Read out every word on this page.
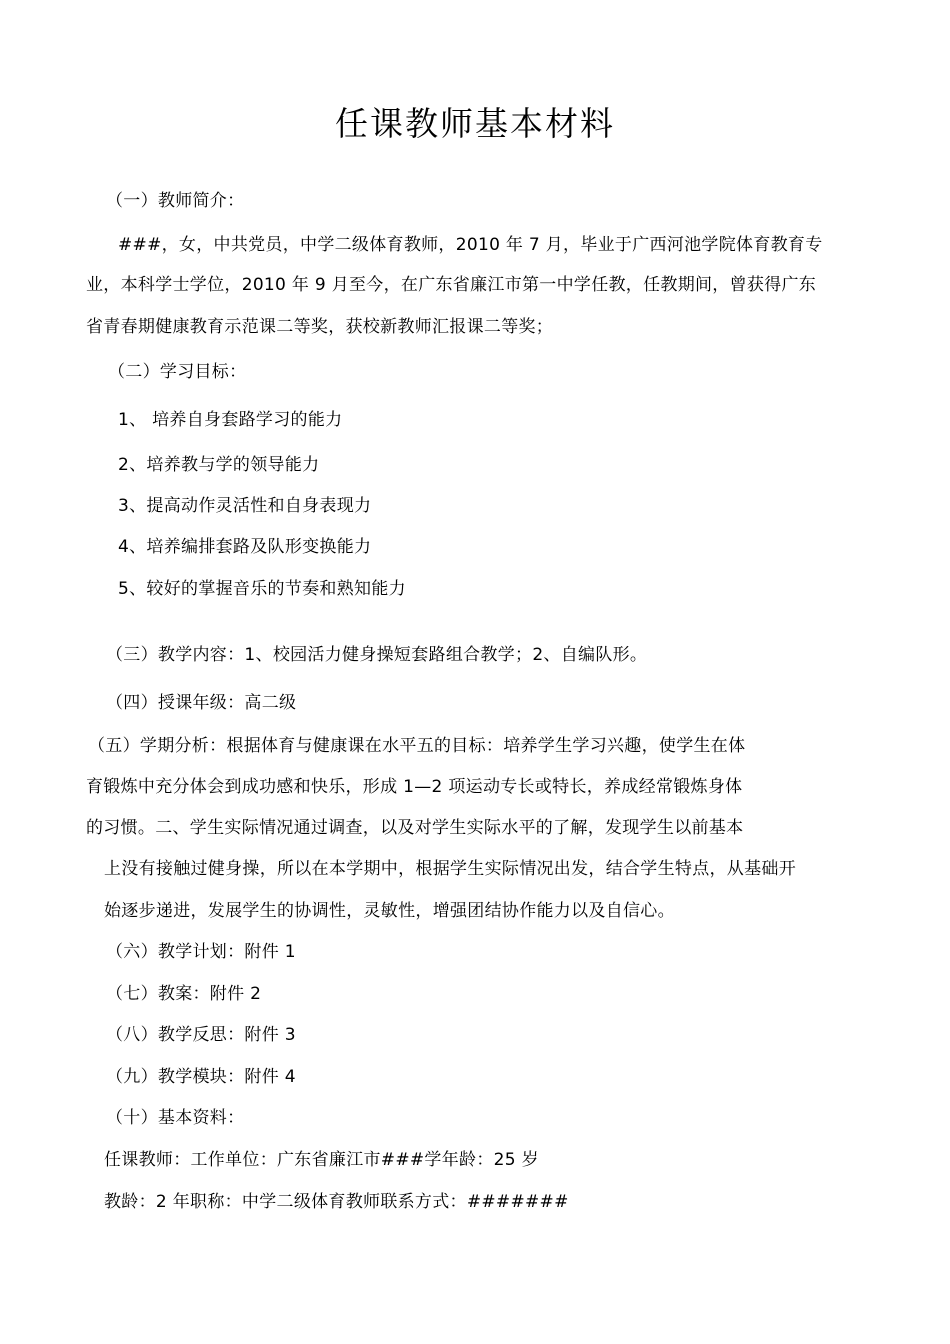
任课教师基本材料
（一）教师简介：
###，女，中共党员，中学二级体育教师，2010 年 7 月，毕业于广西河池学院体育教育专
业，本科学士学位，2010 年 9 月至今，在广东省廉江市第一中学任教，任教期间，曾获得广东
省青春期健康教育示范课二等奖，获校新教师汇报课二等奖；
（二）学习目标：
1、 培养自身套路学习的能力
2、培养教与学的领导能力
3、提高动作灵活性和自身表现力
4、培养编排套路及队形变换能力
5、较好的掌握音乐的节奏和熟知能力
（三）教学内容：1、校园活力健身操短套路组合教学；2、自编队形。
（四）授课年级：高二级
（五）学期分析：根据体育与健康课在水平五的目标：培养学生学习兴趣，使学生在体
育锻炼中充分体会到成功感和快乐，形成 1—2 项运动专长或特长，养成经常锻炼身体
的习惯。二、学生实际情况通过调查，以及对学生实际水平的了解，发现学生以前基本
上没有接触过健身操，所以在本学期中，根据学生实际情况出发，结合学生特点，从基础开
始逐步递进，发展学生的协调性，灵敏性，增强团结协作能力以及自信心。
（六）教学计划：附件 1
（七）教案：附件 2
（八）教学反思：附件 3
（九）教学模块：附件 4
（十）基本资料：
任课教师：工作单位：广东省廉江市###学年龄：25 岁
教龄：2 年职称：中学二级体育教师联系方式：#######
